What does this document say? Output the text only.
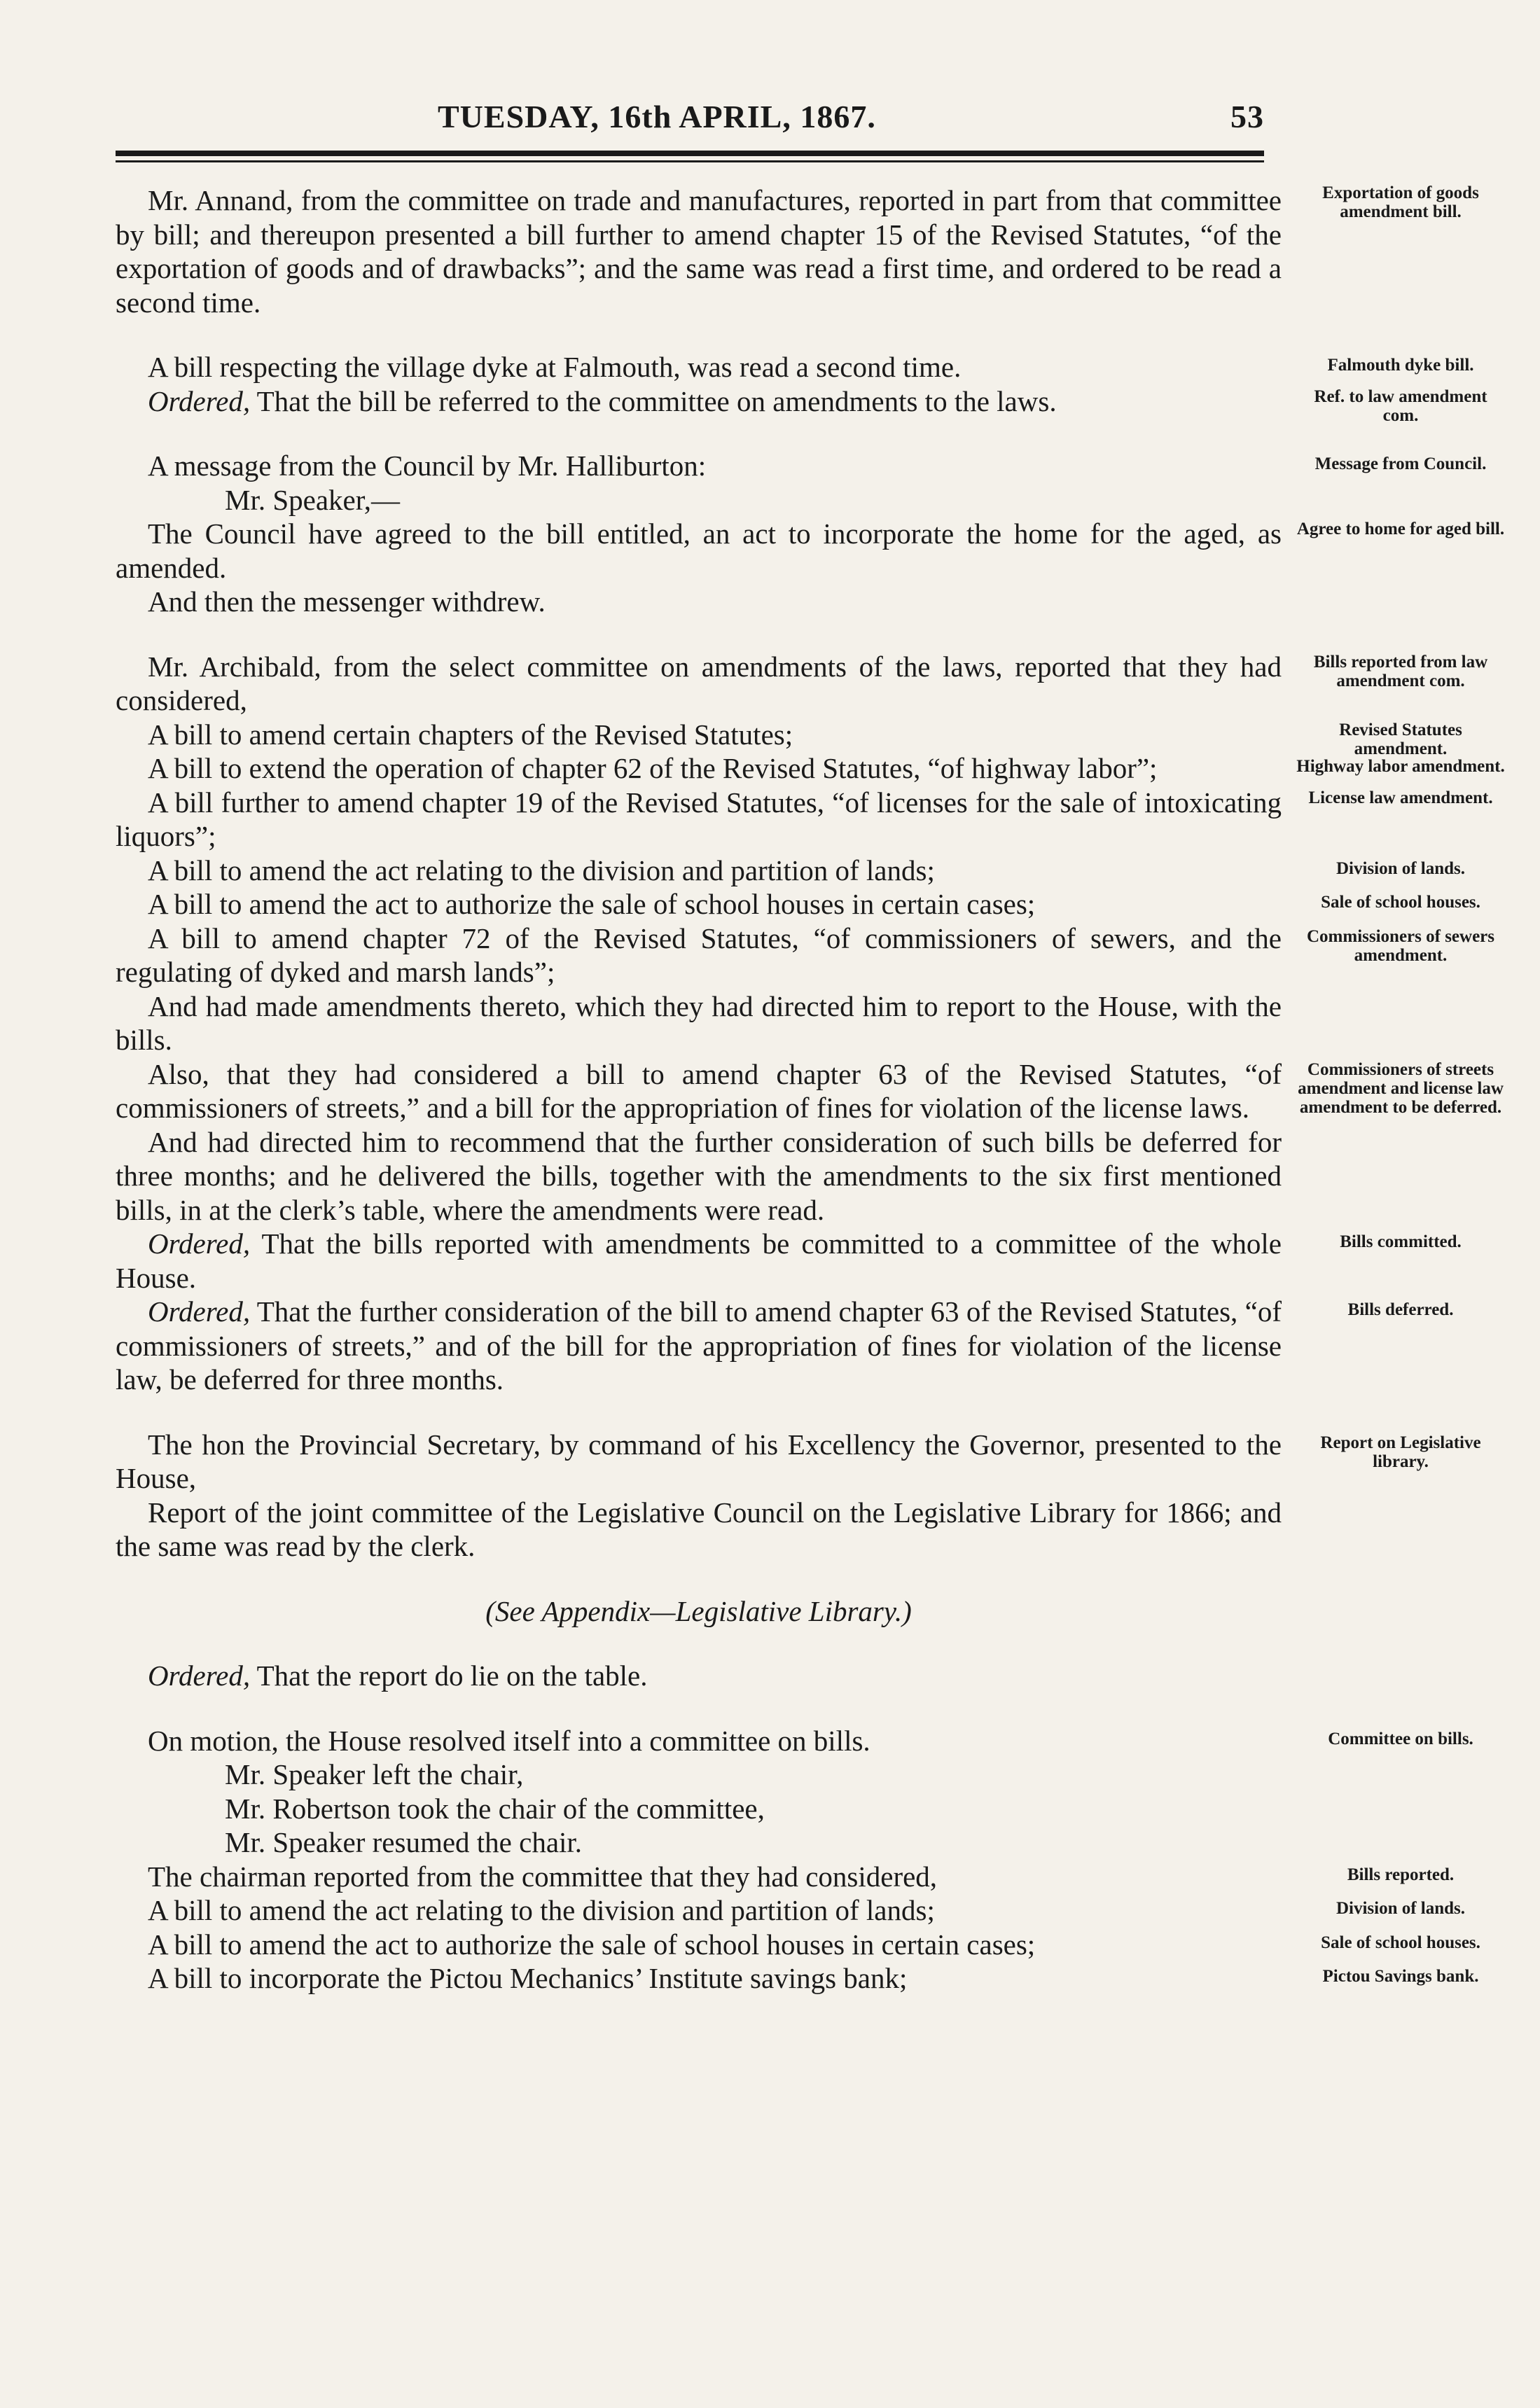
TUESDAY, 16th APRIL, 1867.	53

Mr. Annand, from the committee on trade and manufactures, reported in part from that committee by bill; and thereupon presented a bill further to amend chapter 15 of the Revised Statutes, “of the exportation of goods and of drawbacks”; and the same was read a first time, and ordered to be read a second time.

Exportation of goods amendment bill.

A bill respecting the village dyke at Falmouth, was read a second time.	Falmouth dyke bill.

Ordered, That the bill be referred to the committee on amendments to the laws.	Ref. to law amendment com.

A message from the Council by Mr. Halliburton:	Message from Council.

Mr. Speaker,—

The Council have agreed to the bill entitled, an act to incorporate the home for the aged, as amended.

Agree to home for aged bill.

And then the messenger withdrew.

Mr. Archibald, from the select committee on amendments of the laws, reported that they had considered,

Bills reported from law amendment com.

A bill to amend certain chapters of the Revised Statutes;	Revised Statutes amendment.

A bill to extend the operation of chapter 62 of the Revised Statutes, “of highway labor”;	Highway labor amendment.

A bill further to amend chapter 19 of the Revised Statutes, “of licenses for the sale of intoxicating liquors”;

License law amendment.

A bill to amend the act relating to the division and partition of lands;	Division of lands.

A bill to amend the act to authorize the sale of school houses in certain cases;	Sale of school houses.

A bill to amend chapter 72 of the Revised Statutes, “of commissioners of sewers, and the regulating of dyked and marsh lands”;

Commissioners of sewers amendment.

And had made amendments thereto, which they had directed him to report to the House, with the bills.

Also, that they had considered a bill to amend chapter 63 of the Revised Statutes, “of commissioners of streets,” and a bill for the appropriation of fines for violation of the license laws.

Commissioners of streets amendment and license law amendment to be deferred.

And had directed him to recommend that the further consideration of such bills be deferred for three months; and he delivered the bills, together with the amendments to the six first mentioned bills, in at the clerk’s table, where the amendments were read.

Ordered, That the bills reported with amendments be committed to a committee of the whole House.

Bills committed.

Ordered, That the further consideration of the bill to amend chapter 63 of the Revised Statutes, “of commissioners of streets,” and of the bill for the appropriation of fines for violation of the license law, be deferred for three months.

Bills deferred.

The hon the Provincial Secretary, by command of his Excellency the Governor, presented to the House,

Report on Legislative library.

Report of the joint committee of the Legislative Council on the Legislative Library for 1866; and the same was read by the clerk.

(See Appendix—Legislative Library.)

Ordered, That the report do lie on the table.

On motion, the House resolved itself into a committee on bills.	Committee on bills.

Mr. Speaker left the chair,

Mr. Robertson took the chair of the committee,

Mr. Speaker resumed the chair.

The chairman reported from the committee that they had considered,	Bills reported.

A bill to amend the act relating to the division and partition of lands;	Division of lands.

A bill to amend the act to authorize the sale of school houses in certain cases;	Sale of school houses.

A bill to incorporate the Pictou Mechanics’ Institute savings bank;	Pictou Savings bank.
